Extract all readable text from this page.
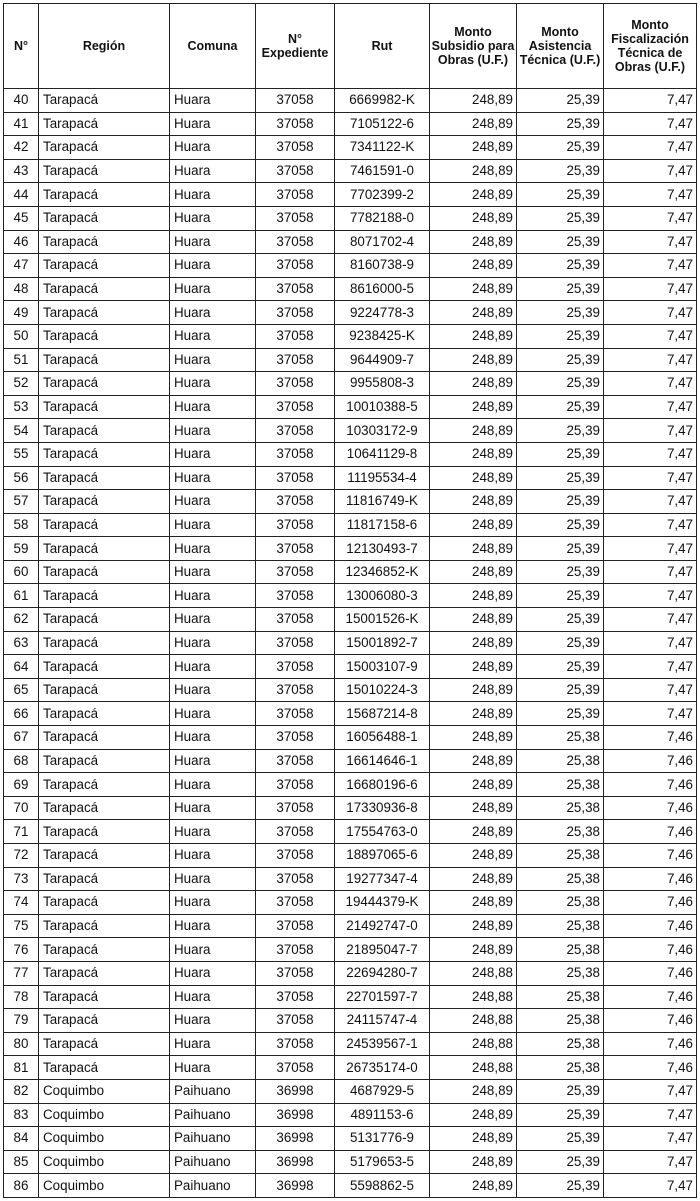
N°	Región	Comuna	N° Expediente	Rut	Monto Subsidio para Obras (U.F.)	Monto Asistencia Técnica (U.F.)	Monto Fiscalización Técnica de Obras (U.F.)
40	Tarapacá	Huara	37058	6669982-K	248,89	25,39	7,47
41	Tarapacá	Huara	37058	7105122-6	248,89	25,39	7,47
42	Tarapacá	Huara	37058	7341122-K	248,89	25,39	7,47
43	Tarapacá	Huara	37058	7461591-0	248,89	25,39	7,47
44	Tarapacá	Huara	37058	7702399-2	248,89	25,39	7,47
45	Tarapacá	Huara	37058	7782188-0	248,89	25,39	7,47
46	Tarapacá	Huara	37058	8071702-4	248,89	25,39	7,47
47	Tarapacá	Huara	37058	8160738-9	248,89	25,39	7,47
48	Tarapacá	Huara	37058	8616000-5	248,89	25,39	7,47
49	Tarapacá	Huara	37058	9224778-3	248,89	25,39	7,47
50	Tarapacá	Huara	37058	9238425-K	248,89	25,39	7,47
51	Tarapacá	Huara	37058	9644909-7	248,89	25,39	7,47
52	Tarapacá	Huara	37058	9955808-3	248,89	25,39	7,47
53	Tarapacá	Huara	37058	10010388-5	248,89	25,39	7,47
54	Tarapacá	Huara	37058	10303172-9	248,89	25,39	7,47
55	Tarapacá	Huara	37058	10641129-8	248,89	25,39	7,47
56	Tarapacá	Huara	37058	11195534-4	248,89	25,39	7,47
57	Tarapacá	Huara	37058	11816749-K	248,89	25,39	7,47
58	Tarapacá	Huara	37058	11817158-6	248,89	25,39	7,47
59	Tarapacá	Huara	37058	12130493-7	248,89	25,39	7,47
60	Tarapacá	Huara	37058	12346852-K	248,89	25,39	7,47
61	Tarapacá	Huara	37058	13006080-3	248,89	25,39	7,47
62	Tarapacá	Huara	37058	15001526-K	248,89	25,39	7,47
63	Tarapacá	Huara	37058	15001892-7	248,89	25,39	7,47
64	Tarapacá	Huara	37058	15003107-9	248,89	25,39	7,47
65	Tarapacá	Huara	37058	15010224-3	248,89	25,39	7,47
66	Tarapacá	Huara	37058	15687214-8	248,89	25,39	7,47
67	Tarapacá	Huara	37058	16056488-1	248,89	25,38	7,46
68	Tarapacá	Huara	37058	16614646-1	248,89	25,38	7,46
69	Tarapacá	Huara	37058	16680196-6	248,89	25,38	7,46
70	Tarapacá	Huara	37058	17330936-8	248,89	25,38	7,46
71	Tarapacá	Huara	37058	17554763-0	248,89	25,38	7,46
72	Tarapacá	Huara	37058	18897065-6	248,89	25,38	7,46
73	Tarapacá	Huara	37058	19277347-4	248,89	25,38	7,46
74	Tarapacá	Huara	37058	19444379-K	248,89	25,38	7,46
75	Tarapacá	Huara	37058	21492747-0	248,89	25,38	7,46
76	Tarapacá	Huara	37058	21895047-7	248,89	25,38	7,46
77	Tarapacá	Huara	37058	22694280-7	248,88	25,38	7,46
78	Tarapacá	Huara	37058	22701597-7	248,88	25,38	7,46
79	Tarapacá	Huara	37058	24115747-4	248,88	25,38	7,46
80	Tarapacá	Huara	37058	24539567-1	248,88	25,38	7,46
81	Tarapacá	Huara	37058	26735174-0	248,88	25,38	7,46
82	Coquimbo	Paihuano	36998	4687929-5	248,89	25,39	7,47
83	Coquimbo	Paihuano	36998	4891153-6	248,89	25,39	7,47
84	Coquimbo	Paihuano	36998	5131776-9	248,89	25,39	7,47
85	Coquimbo	Paihuano	36998	5179653-5	248,89	25,39	7,47
86	Coquimbo	Paihuano	36998	5598862-5	248,89	25,39	7,47
